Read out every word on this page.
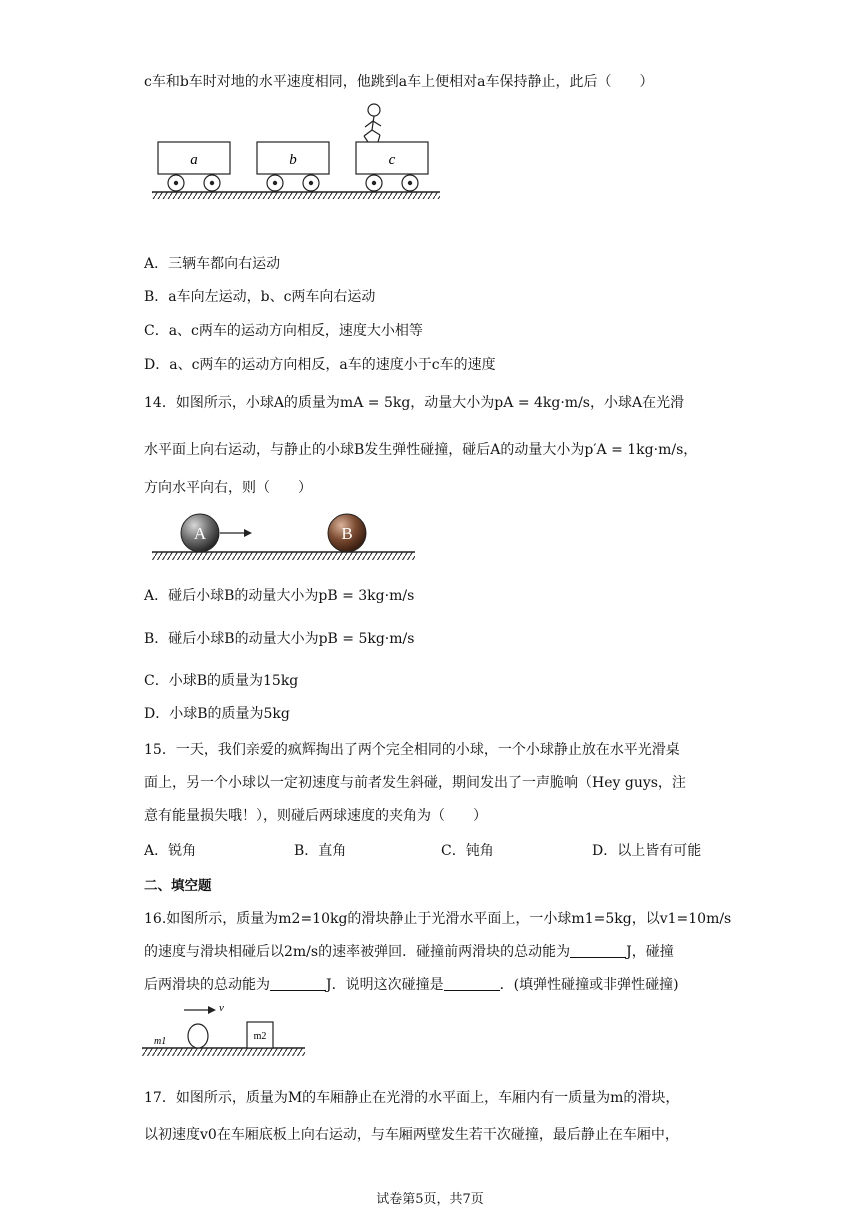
c车和b车时对地的水平速度相同，他跳到a车上便相对a车保持静止，此后（　　）
a	b	c
A．三辆车都向右运动
B．a车向左运动，b、c两车向右运动
C．a、c两车的运动方向相反，速度大小相等
D．a、c两车的运动方向相反，a车的速度小于c车的速度
14．如图所示，小球A的质量为mA = 5kg，动量大小为pA = 4kg·m/s，小球A在光滑
水平面上向右运动，与静止的小球B发生弹性碰撞，碰后A的动量大小为p′A = 1kg·m/s，
方向水平向右，则（　　）
A	B
A．碰后小球B的动量大小为pB = 3kg·m/s
B．碰后小球B的动量大小为pB = 5kg·m/s
C．小球B的质量为15kg
D．小球B的质量为5kg
15．一天，我们亲爱的疯辉掏出了两个完全相同的小球，一个小球静止放在水平光滑桌
面上，另一个小球以一定初速度与前者发生斜碰，期间发出了一声脆响（Hey guys，注
意有能量损失哦！），则碰后两球速度的夹角为（　　）
A．锐角	B．直角	C．钝角	D．以上皆有可能
二、填空题
16.如图所示，质量为m2=10kg的滑块静止于光滑水平面上，一小球m1=5kg，以v1=10m/s
的速度与滑块相碰后以2m/s的速率被弹回．碰撞前两滑块的总动能为	J，碰撞
后两滑块的总动能为	J．说明这次碰撞是	．(填弹性碰撞或非弹性碰撞)
v
m1	m2
17．如图所示，质量为M的车厢静止在光滑的水平面上，车厢内有一质量为m的滑块，
以初速度v0在车厢底板上向右运动，与车厢两壁发生若干次碰撞，最后静止在车厢中，
试卷第5页，共7页
